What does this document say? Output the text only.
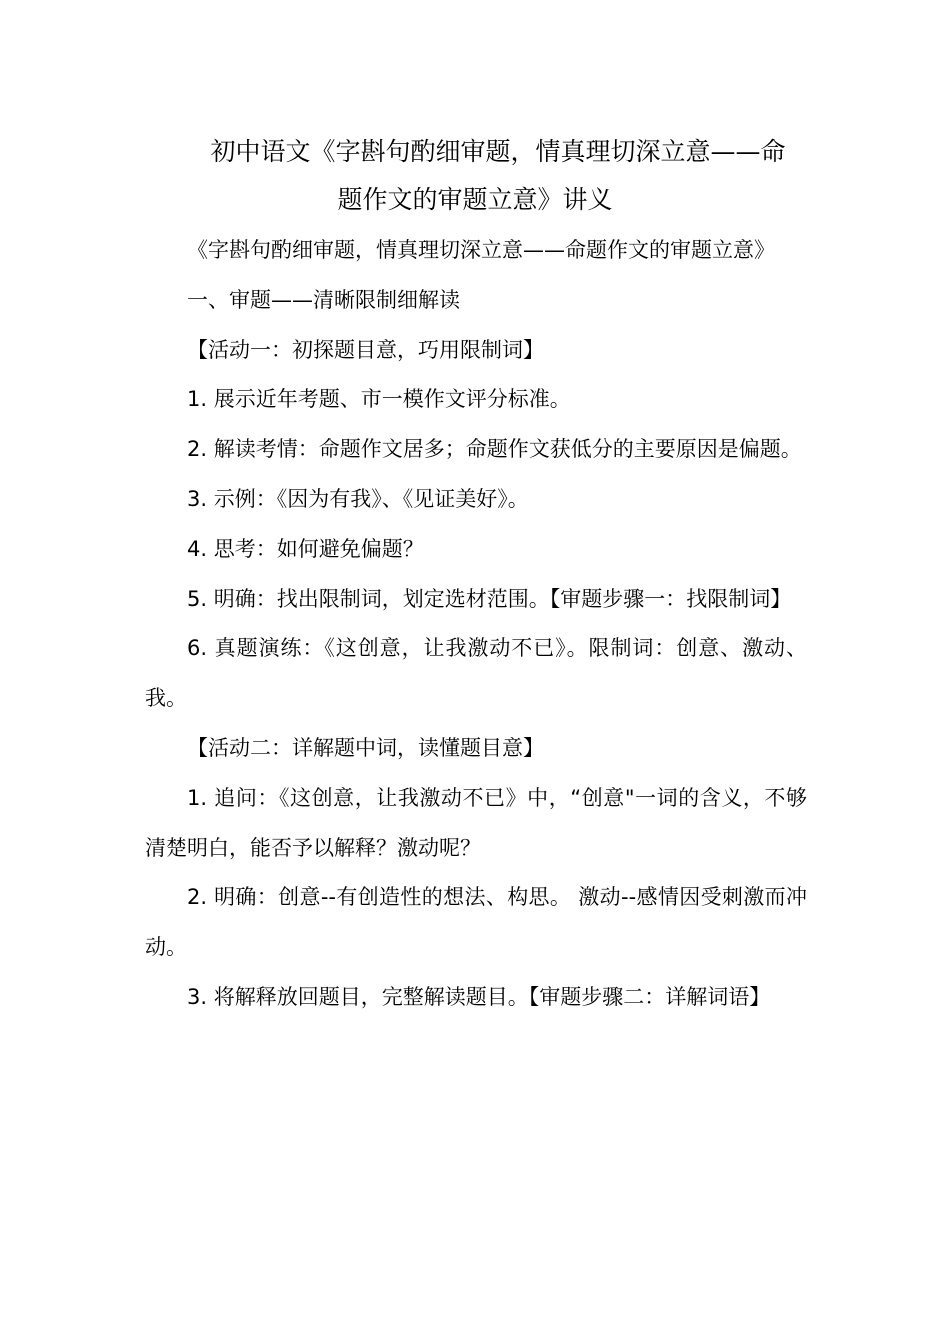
初中语文《字斟句酌细审题，情真理切深立意——命
题作文的审题立意》讲义

《字斟句酌细审题，情真理切深立意——命题作文的审题立意》

一、审题——清晰限制细解读

【活动一：初探题目意，巧用限制词】

1. 展示近年考题、市一模作文评分标准。

2. 解读考情：命题作文居多；命题作文获低分的主要原因是偏题。

3. 示例：《因为有我》、《见证美好》。

4. 思考：如何避免偏题？

5. 明确：找出限制词，划定选材范围。【审题步骤一：找限制词】

6. 真题演练：《这创意，让我激动不已》。限制词：创意、激动、我。

【活动二：详解题中词，读懂题目意】

1. 追问：《这创意，让我激动不已》中，“创意"一词的含义，不够清楚明白，能否予以解释？激动呢？

2. 明确：创意--有创造性的想法、构思。 激动--感情因受刺激而冲动。

3. 将解释放回题目，完整解读题目。【审题步骤二：详解词语】
